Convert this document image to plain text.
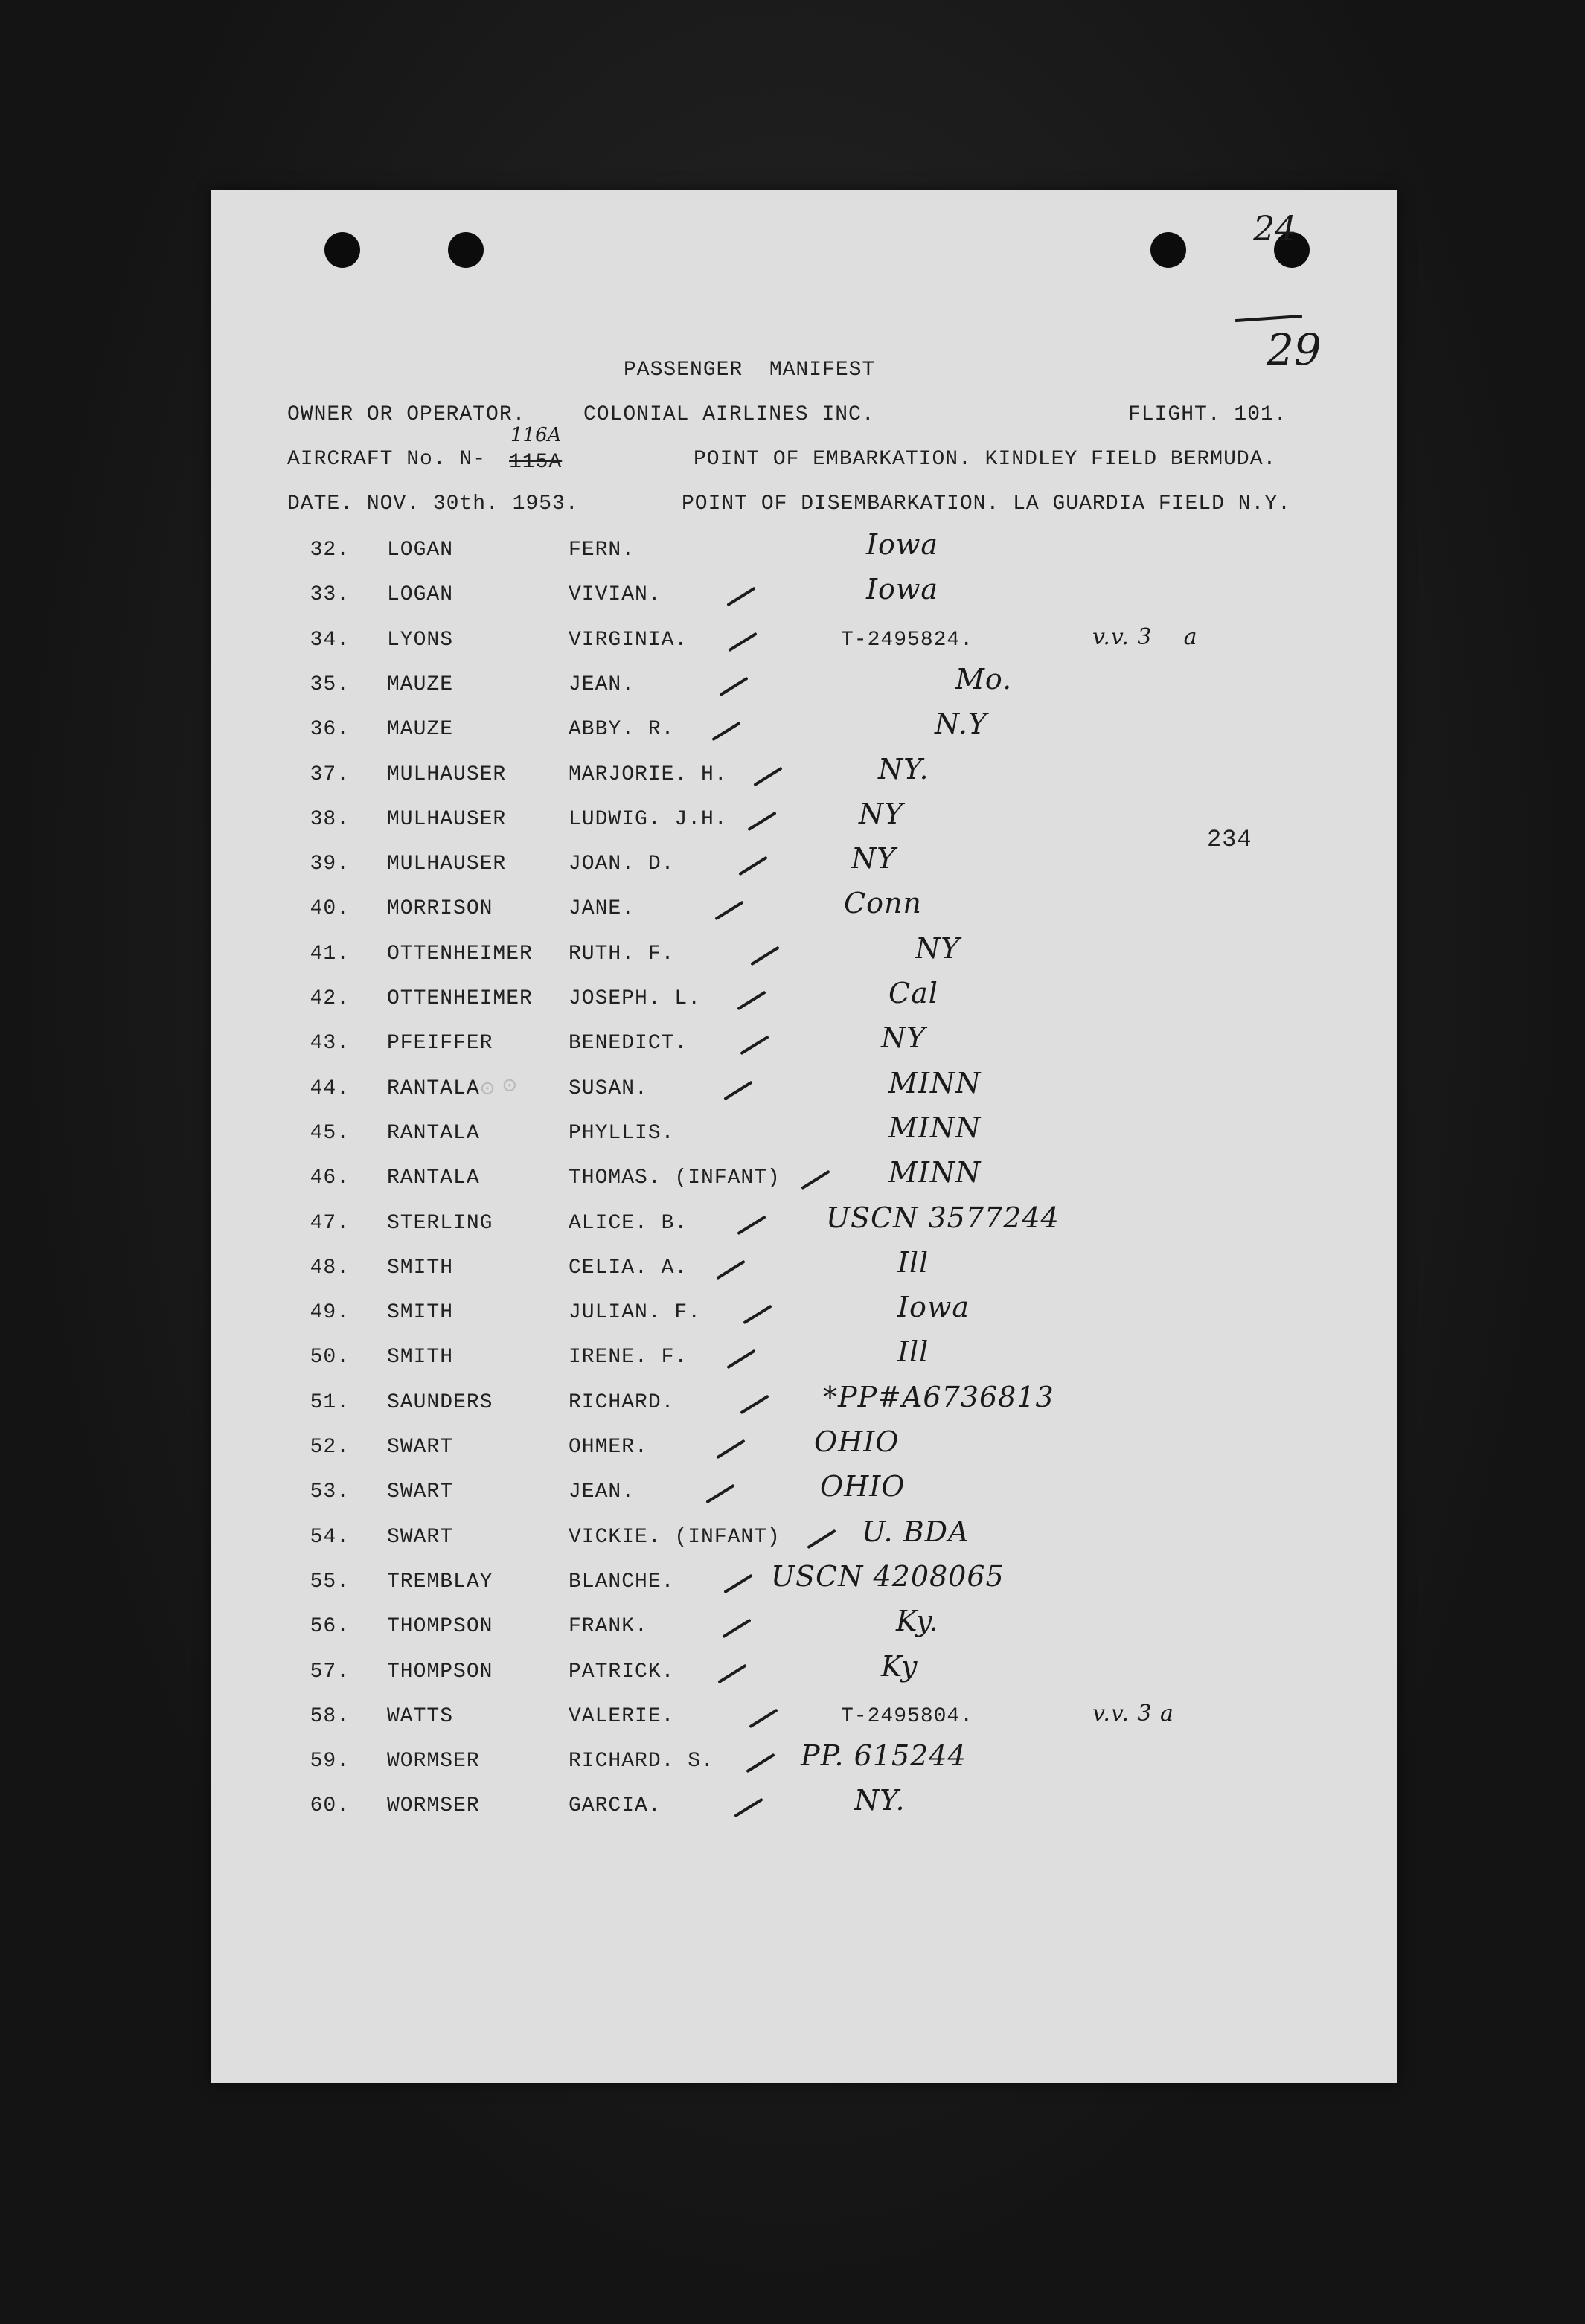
24
29
PASSENGER  MANIFEST
OWNER OR OPERATOR.	COLONIAL AIRLINES INC.	FLIGHT. 101.
AIRCRAFT No. N- 115A
116A
POINT OF EMBARKATION. KINDLEY FIELD BERMUDA.
DATE. NOV. 30th. 1953.	POINT OF DISEMBARKATION. LA GUARDIA FIELD N.Y.
234
⊙ ⊙
32. LOGAN	FERN.	Iowa
33. LOGAN	VIVIAN.	Iowa
34. LYONS	VIRGINIA.	T-2495824.	v.v. 3    a
35. MAUZE	JEAN.	Mo.
36. MAUZE	ABBY. R.	N.Y
37. MULHAUSER	MARJORIE. H.	NY.
38. MULHAUSER	LUDWIG. J.H.	NY
39. MULHAUSER	JOAN. D.	NY
40. MORRISON	JANE.	Conn
41. OTTENHEIMER RUTH. F.	NY
42. OTTENHEIMER JOSEPH. L.	Cal
43. PFEIFFER	BENEDICT.	NY
44. RANTALA	SUSAN.	MINN
45. RANTALA	PHYLLIS.	MINN
46. RANTALA	THOMAS. (INFANT)	MINN
47. STERLING	ALICE. B.	USCN 3577244
48. SMITH	CELIA. A.	Ill
49. SMITH	JULIAN. F.	Iowa
50. SMITH	IRENE. F.	Ill
51. SAUNDERS	RICHARD.	*PP#A6736813
52. SWART	OHMER.	OHIO
53. SWART	JEAN.	OHIO
54. SWART	VICKIE. (INFANT)	U. BDA
55. TREMBLAY	BLANCHE.	USCN 4208065
56. THOMPSON	FRANK.	Ky.
57. THOMPSON	PATRICK.	Ky
58. WATTS	VALERIE.	T-2495804.	v.v. 3 a
59. WORMSER	RICHARD. S.	PP. 615244
60. WORMSER	GARCIA.	NY.
